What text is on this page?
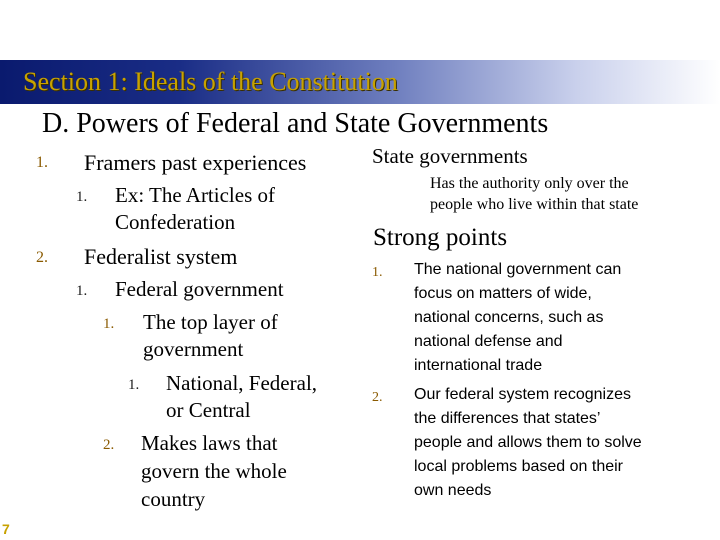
Section 1: Ideals of the Constitution
D. Powers of Federal and State Governments
1. Framers past experiences
1. Ex: The Articles of
Confederation
2. Federalist system
1. Federal government
1. The top layer of
government
1. National, Federal,
or Central
2. Makes laws that
govern the whole
country
State governments
Has the authority only over the
people who live within that state
Strong points
1. The national government can
focus on matters of wide,
national concerns, such as
national defense and
international trade
2. Our federal system recognizes
the differences that states’
people and allows them to solve
local problems based on their
own needs
7
